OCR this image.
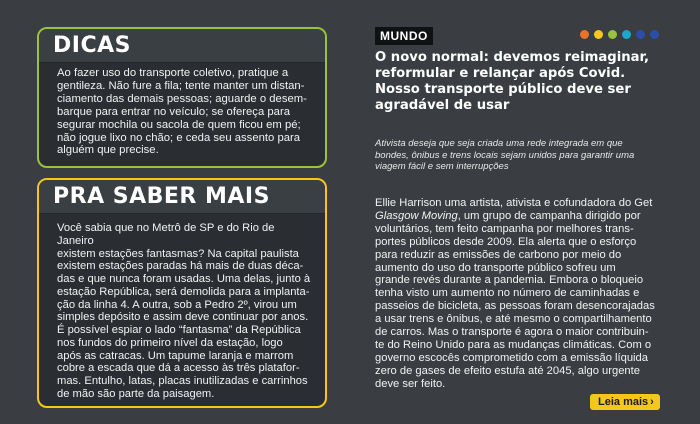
DICAS
Ao fazer uso do transporte coletivo, pratique a
gentileza. Não fure a fila; tente manter um distan-
ciamento das demais pessoas; aguarde o desem-
barque para entrar no veículo; se ofereça para
segurar mochila ou sacola de quem ficou em pé;
não jogue lixo no chão; e ceda seu assento para
alguém que precise.
PRA SABER MAIS
Você sabia que no Metrô de SP e do Rio de Janeiro
existem estações fantasmas? Na capital paulista
existem estações paradas há mais de duas déca-
das e que nunca foram usadas. Uma delas, junto à
estação República, será demolida para a implanta-
ção da linha 4. A outra, sob a Pedro 2º, virou um
simples depósito e assim deve continuar por anos.
É possível espiar o lado “fantasma” da República
nos fundos do primeiro nível da estação, logo
após as catracas. Um tapume laranja e marrom
cobre a escada que dá a acesso às três platafor-
mas. Entulho, latas, placas inutilizadas e carrinhos
de mão são parte da paisagem.
MUNDO
O novo normal: devemos reimaginar,
reformular e relançar após Covid.
Nosso transporte público deve ser
agradável de usar
Ativista deseja que seja criada uma rede integrada em que
bondes, ônibus e trens locais sejam unidos para garantir uma
viagem fácil e sem interrupções
Ellie Harrison uma artista, ativista e cofundadora do Get
Glasgow Moving, um grupo de campanha dirigido por
voluntários, tem feito campanha por melhores trans-
portes públicos desde 2009. Ela alerta que o esforço
para reduzir as emissões de carbono por meio do
aumento do uso do transporte público sofreu um
grande revés durante a pandemia. Embora o bloqueio
tenha visto um aumento no número de caminhadas e
passeios de bicicleta, as pessoas foram desencorajadas
a usar trens e ônibus, e até mesmo o compartilhamento
de carros. Mas o transporte é agora o maior contribuin-
te do Reino Unido para as mudanças climáticas. Com o
governo escocês comprometido com a emissão líquida
zero de gases de efeito estufa até 2045, algo urgente
deve ser feito.
Leia mais ›
